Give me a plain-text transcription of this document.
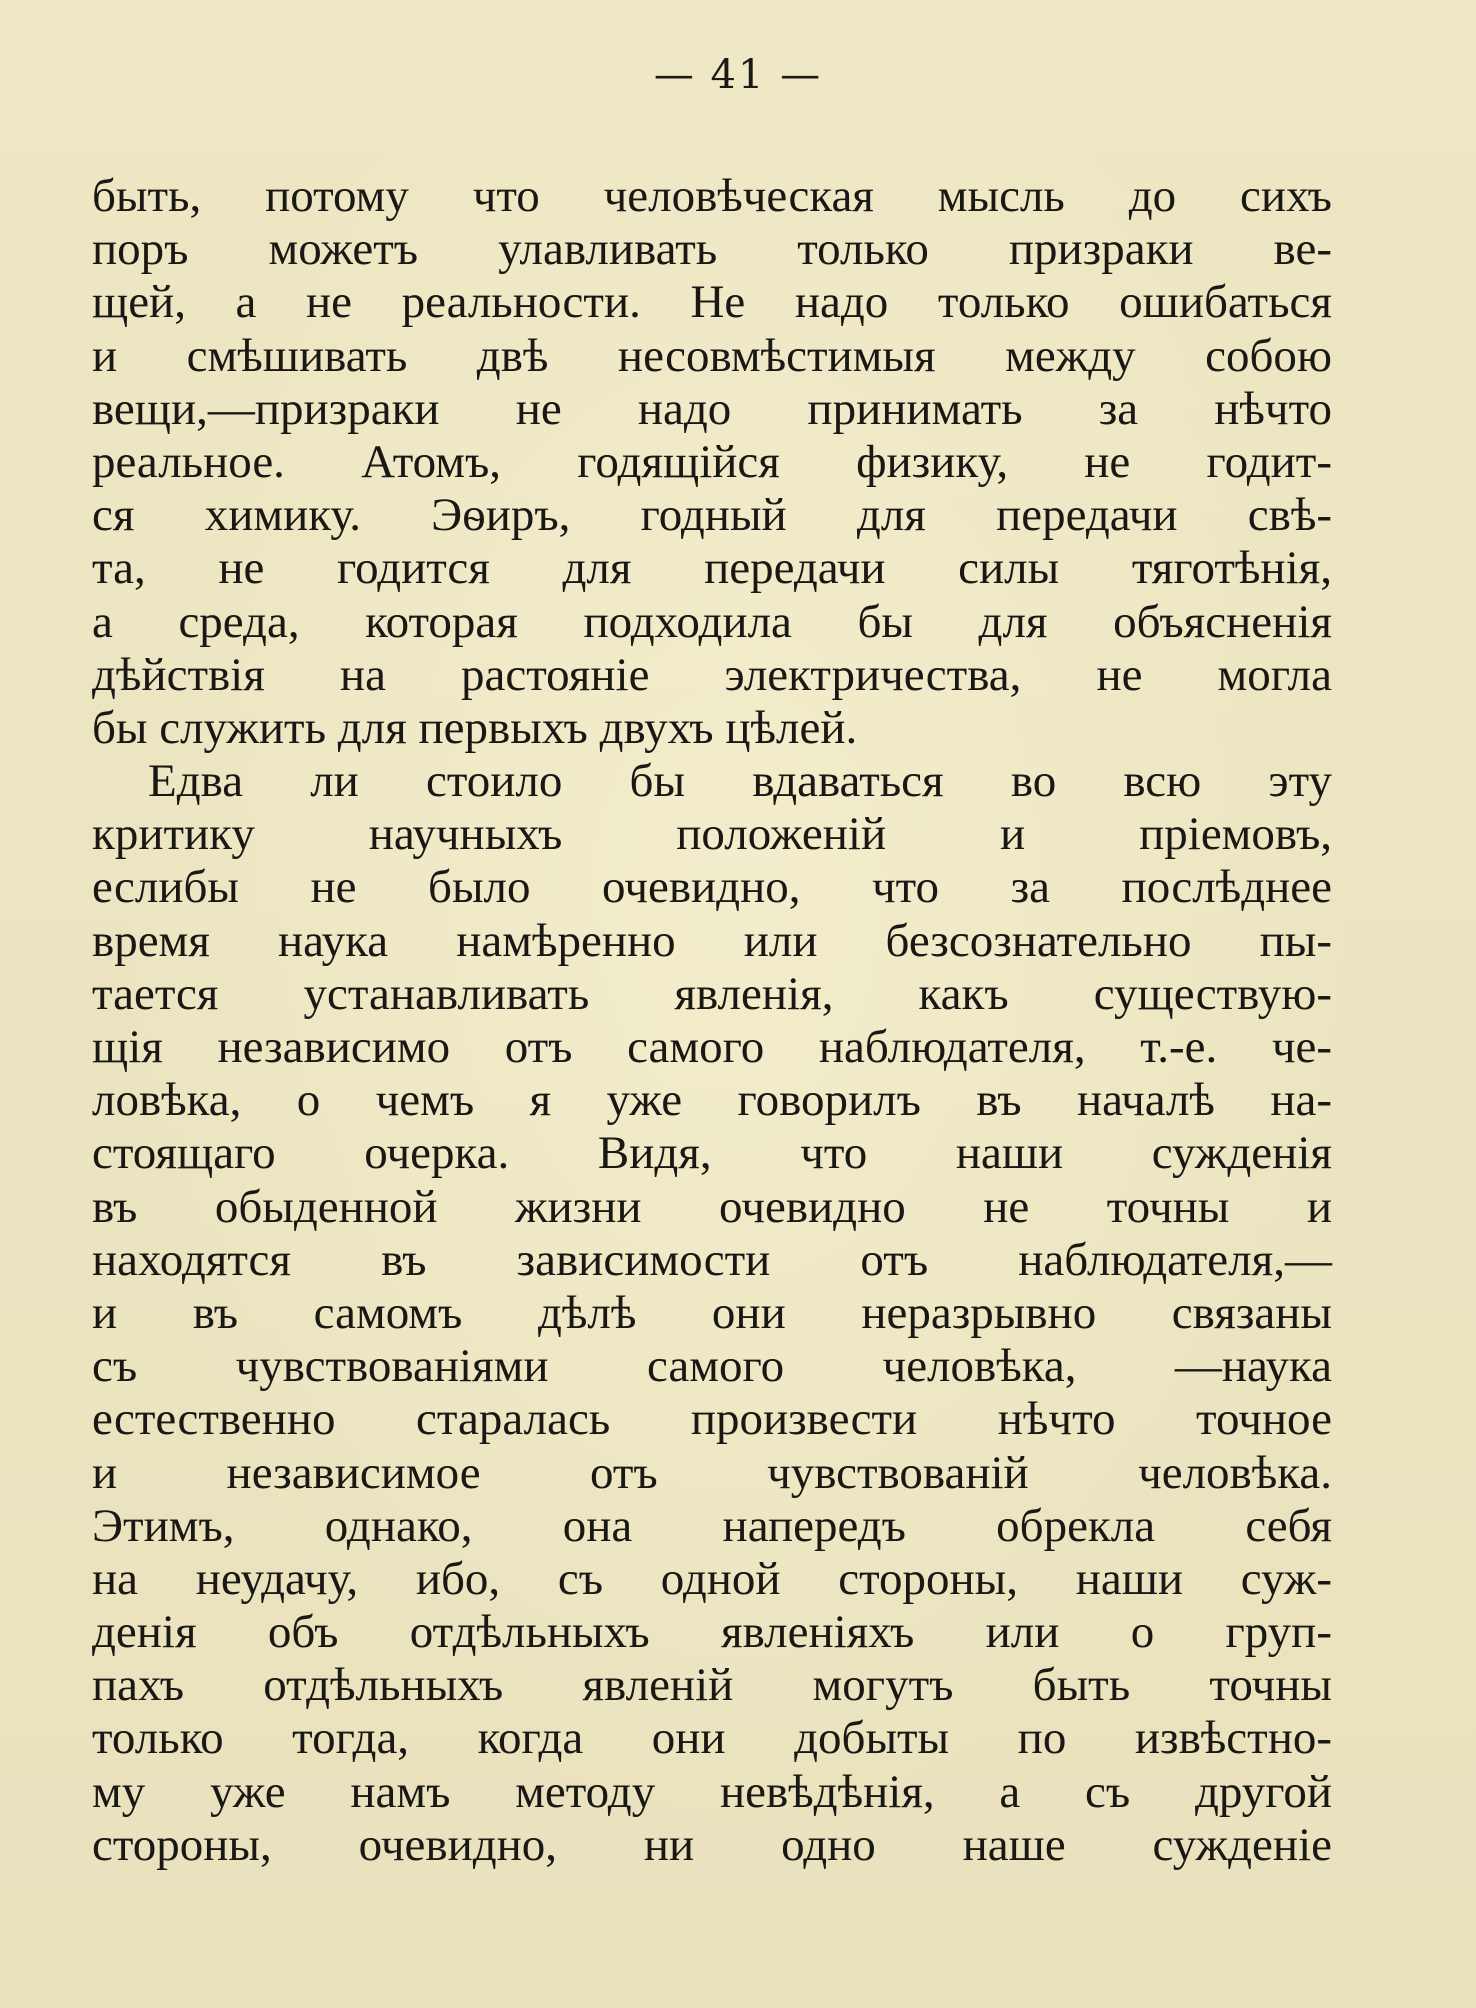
— 41 —
быть, потому что человѣческая мысль до сихъ
поръ можетъ улавливать только призраки ве-
щей, а не реальности. Не надо только ошибаться
и смѣшивать двѣ несовмѣстимыя между собою
вещи,—призраки не надо принимать за нѣчто
реальное. Атомъ, годящійся физику, не годит-
ся химику. Эѳиръ, годный для передачи свѣ-
та, не годится для передачи силы тяготѣнія,
а среда, которая подходила бы для объясненія
дѣйствія на растояніе электричества, не могла
бы служить для первыхъ двухъ цѣлей.
Едва ли стоило бы вдаваться во всю эту
критику научныхъ положеній и пріемовъ,
еслибы не было очевидно, что за послѣднее
время наука намѣренно или безсознательно пы-
тается устанавливать явленія, какъ существую-
щія независимо отъ самого наблюдателя, т.-е. че-
ловѣка, о чемъ я уже говорилъ въ началѣ на-
стоящаго очерка. Видя, что наши сужденія
въ обыденной жизни очевидно не точны и
находятся въ зависимости отъ наблюдателя,—
и въ самомъ дѣлѣ они неразрывно связаны
съ чувствованіями самого человѣка, —наука
естественно старалась произвести нѣчто точное
и независимое отъ чувствованій человѣка.
Этимъ, однако, она напередъ обрекла себя
на неудачу, ибо, съ одной стороны, наши суж-
денія объ отдѣльныхъ явленіяхъ или о груп-
пахъ отдѣльныхъ явленій могутъ быть точны
только тогда, когда они добыты по извѣстно-
му уже намъ методу невѣдѣнія, а съ другой
стороны, очевидно, ни одно наше сужденіе
